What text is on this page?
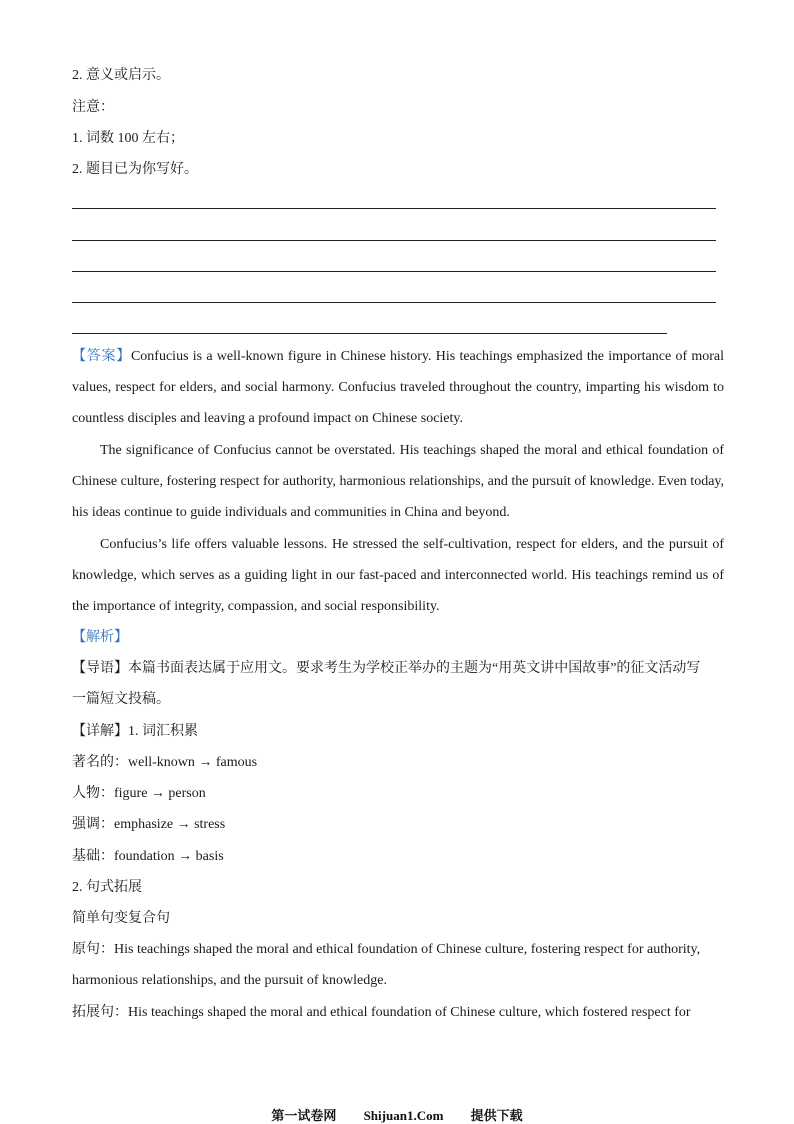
2. 意义或启示。
注意：
1. 词数 100 左右；
2. 题目已为你写好。

【答案】Confucius is a well-known figure in Chinese history. His teachings emphasized the importance of moral values, respect for elders, and social harmony. Confucius traveled throughout the country, imparting his wisdom to countless disciples and leaving a profound impact on Chinese society.

The significance of Confucius cannot be overstated. His teachings shaped the moral and ethical foundation of Chinese culture, fostering respect for authority, harmonious relationships, and the pursuit of knowledge. Even today, his ideas continue to guide individuals and communities in China and beyond.

Confucius’s life offers valuable lessons. He stressed the self-cultivation, respect for elders, and the pursuit of knowledge, which serves as a guiding light in our fast-paced and interconnected world. His teachings remind us of the importance of integrity, compassion, and social responsibility.

【解析】
【导语】本篇书面表达属于应用文。要求考生为学校正举办的主题为“用英文讲中国故事”的征文活动写
一篇短文投稿。
【详解】1. 词汇积累
著名的：well-known → famous
人物：figure → person
强调：emphasize → stress
基础：foundation → basis
2. 句式拓展
简单句变复合句
原句：His teachings shaped the moral and ethical foundation of Chinese culture, fostering respect for authority,
harmonious relationships, and the pursuit of knowledge.
拓展句：His teachings shaped the moral and ethical foundation of Chinese culture, which fostered respect for
第一试卷网 Shijuan1.Com 提供下载
